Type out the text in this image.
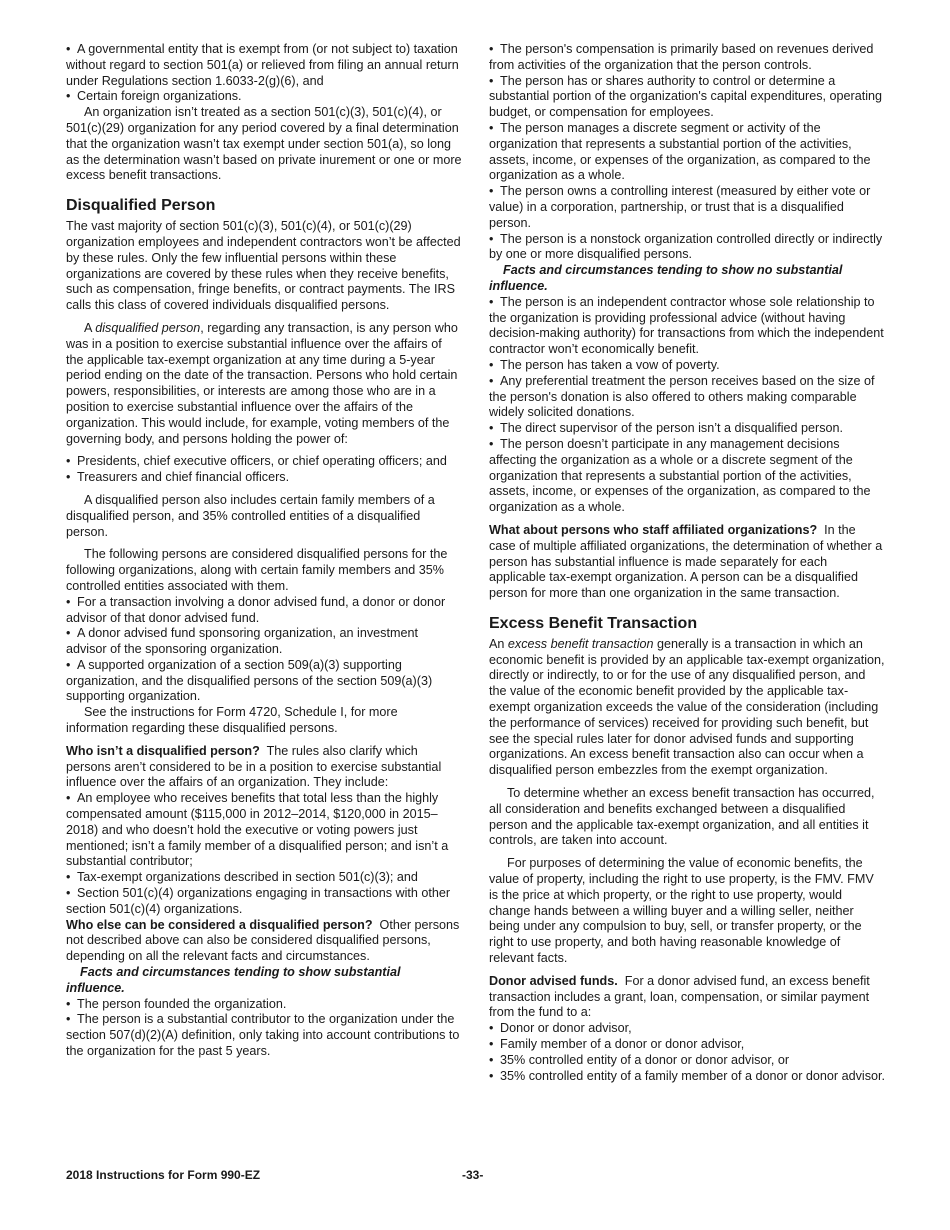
• A governmental entity that is exempt from (or not subject to) taxation without regard to section 501(a) or relieved from filing an annual return under Regulations section 1.6033-2(g)(6), and

• Certain foreign organizations.

An organization isn’t treated as a section 501(c)(3), 501(c)(4), or 501(c)(29) organization for any period covered by a final determination that the organization wasn’t tax exempt under section 501(a), so long as the determination wasn’t based on private inurement or one or more excess benefit transactions.

Disqualified Person

The vast majority of section 501(c)(3), 501(c)(4), or 501(c)(29) organization employees and independent contractors won’t be affected by these rules. Only the few influential persons within these organizations are covered by these rules when they receive benefits, such as compensation, fringe benefits, or contract payments. The IRS calls this class of covered individuals disqualified persons.

A disqualified person, regarding any transaction, is any person who was in a position to exercise substantial influence over the affairs of the applicable tax-exempt organization at any time during a 5-year period ending on the date of the transaction. Persons who hold certain powers, responsibilities, or interests are among those who are in a position to exercise substantial influence over the affairs of the organization. This would include, for example, voting members of the governing body, and persons holding the power of:

• Presidents, chief executive officers, or chief operating officers; and

• Treasurers and chief financial officers.

A disqualified person also includes certain family members of a disqualified person, and 35% controlled entities of a disqualified person.

The following persons are considered disqualified persons for the following organizations, along with certain family members and 35% controlled entities associated with them.

• For a transaction involving a donor advised fund, a donor or donor advisor of that donor advised fund.

• A donor advised fund sponsoring organization, an investment advisor of the sponsoring organization.

• A supported organization of a section 509(a)(3) supporting organization, and the disqualified persons of the section 509(a)(3) supporting organization.

See the instructions for Form 4720, Schedule I, for more information regarding these disqualified persons.

Who isn’t a disqualified person? The rules also clarify which persons aren’t considered to be in a position to exercise substantial influence over the affairs of an organization. They include:

• An employee who receives benefits that total less than the highly compensated amount ($115,000 in 2012–2014, $120,000 in 2015–2018) and who doesn’t hold the executive or voting powers just mentioned; isn’t a family member of a disqualified person; and isn’t a substantial contributor;

• Tax-exempt organizations described in section 501(c)(3); and

• Section 501(c)(4) organizations engaging in transactions with other section 501(c)(4) organizations.

Who else can be considered a disqualified person? Other persons not described above can also be considered disqualified persons, depending on all the relevant facts and circumstances.

Facts and circumstances tending to show substantial influence.

• The person founded the organization.

• The person is a substantial contributor to the organization under the section 507(d)(2)(A) definition, only taking into account contributions to the organization for the past 5 years.

• The person's compensation is primarily based on revenues derived from activities of the organization that the person controls.

• The person has or shares authority to control or determine a substantial portion of the organization's capital expenditures, operating budget, or compensation for employees.

• The person manages a discrete segment or activity of the organization that represents a substantial portion of the activities, assets, income, or expenses of the organization, as compared to the organization as a whole.

• The person owns a controlling interest (measured by either vote or value) in a corporation, partnership, or trust that is a disqualified person.

• The person is a nonstock organization controlled directly or indirectly by one or more disqualified persons.

Facts and circumstances tending to show no substantial influence.

• The person is an independent contractor whose sole relationship to the organization is providing professional advice (without having decision-making authority) for transactions from which the independent contractor won’t economically benefit.

• The person has taken a vow of poverty.

• Any preferential treatment the person receives based on the size of the person's donation is also offered to others making comparable widely solicited donations.

• The direct supervisor of the person isn’t a disqualified person.

• The person doesn’t participate in any management decisions affecting the organization as a whole or a discrete segment of the organization that represents a substantial portion of the activities, assets, income, or expenses of the organization, as compared to the organization as a whole.

What about persons who staff affiliated organizations? In the case of multiple affiliated organizations, the determination of whether a person has substantial influence is made separately for each applicable tax-exempt organization. A person can be a disqualified person for more than one organization in the same transaction.

Excess Benefit Transaction

An excess benefit transaction generally is a transaction in which an economic benefit is provided by an applicable tax-exempt organization, directly or indirectly, to or for the use of any disqualified person, and the value of the economic benefit provided by the applicable tax-exempt organization exceeds the value of the consideration (including the performance of services) received for providing such benefit, but see the special rules later for donor advised funds and supporting organizations. An excess benefit transaction also can occur when a disqualified person embezzles from the exempt organization.

To determine whether an excess benefit transaction has occurred, all consideration and benefits exchanged between a disqualified person and the applicable tax-exempt organization, and all entities it controls, are taken into account.

For purposes of determining the value of economic benefits, the value of property, including the right to use property, is the FMV. FMV is the price at which property, or the right to use property, would change hands between a willing buyer and a willing seller, neither being under any compulsion to buy, sell, or transfer property, or the right to use property, and both having reasonable knowledge of relevant facts.

Donor advised funds. For a donor advised fund, an excess benefit transaction includes a grant, loan, compensation, or similar payment from the fund to a:

• Donor or donor advisor,

• Family member of a donor or donor advisor,

• 35% controlled entity of a donor or donor advisor, or

• 35% controlled entity of a family member of a donor or donor advisor.

2018 Instructions for Form 990-EZ	-33-
